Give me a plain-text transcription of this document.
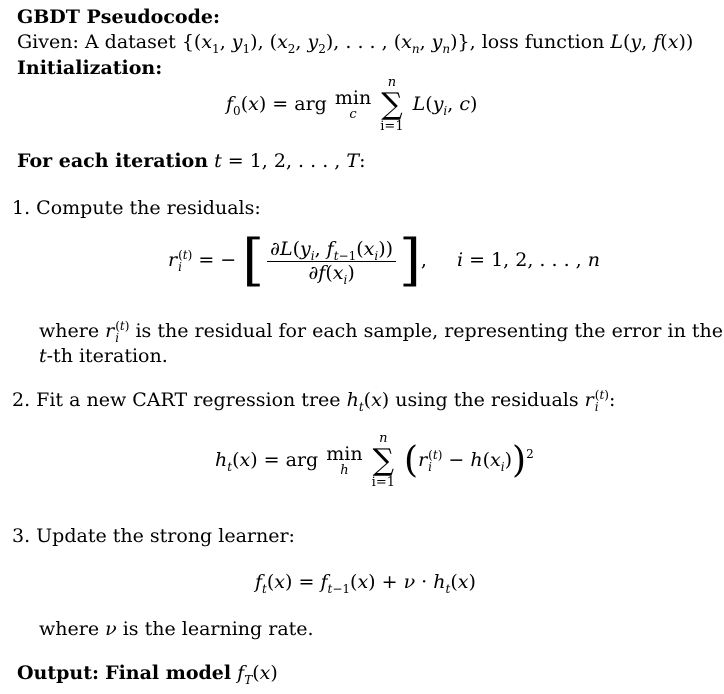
GBDT Pseudocode:
Given: A dataset {($x_1$, $y_1$), ($x_2$, $y_2$), . . . , ($x_n$, $y_n$)}, loss function L(y, f(x))
Initialization:
$f_0(x)$ = arg min
c

n
∑
i=1
$L(y_i$, c)
For each iteration t = 1, 2, . . . , T:
1. Compute the residuals:
r (t)
i = − [ $\frac{\partial L(y_i, f_{t-1}(x_i))}{\partial f(x_i)}$ ], i = 1, 2, . . . , n
where r (t)
i is the residual for each sample, representing the error in the
t-th iteration.
2. Fit a new CART regression tree $h_t(x)$ using the residuals r (t)
i :
$h_t(x)$ = arg min
h

n
∑
i=1
(r (t)
$i - h(x_i))^2$
3. Update the strong learner:
$f_t(x) = f_{t-1}(x) + \nu \cdot h_t(x)$
where ν is the learning rate.
Output: Final model $f_T(x)$
